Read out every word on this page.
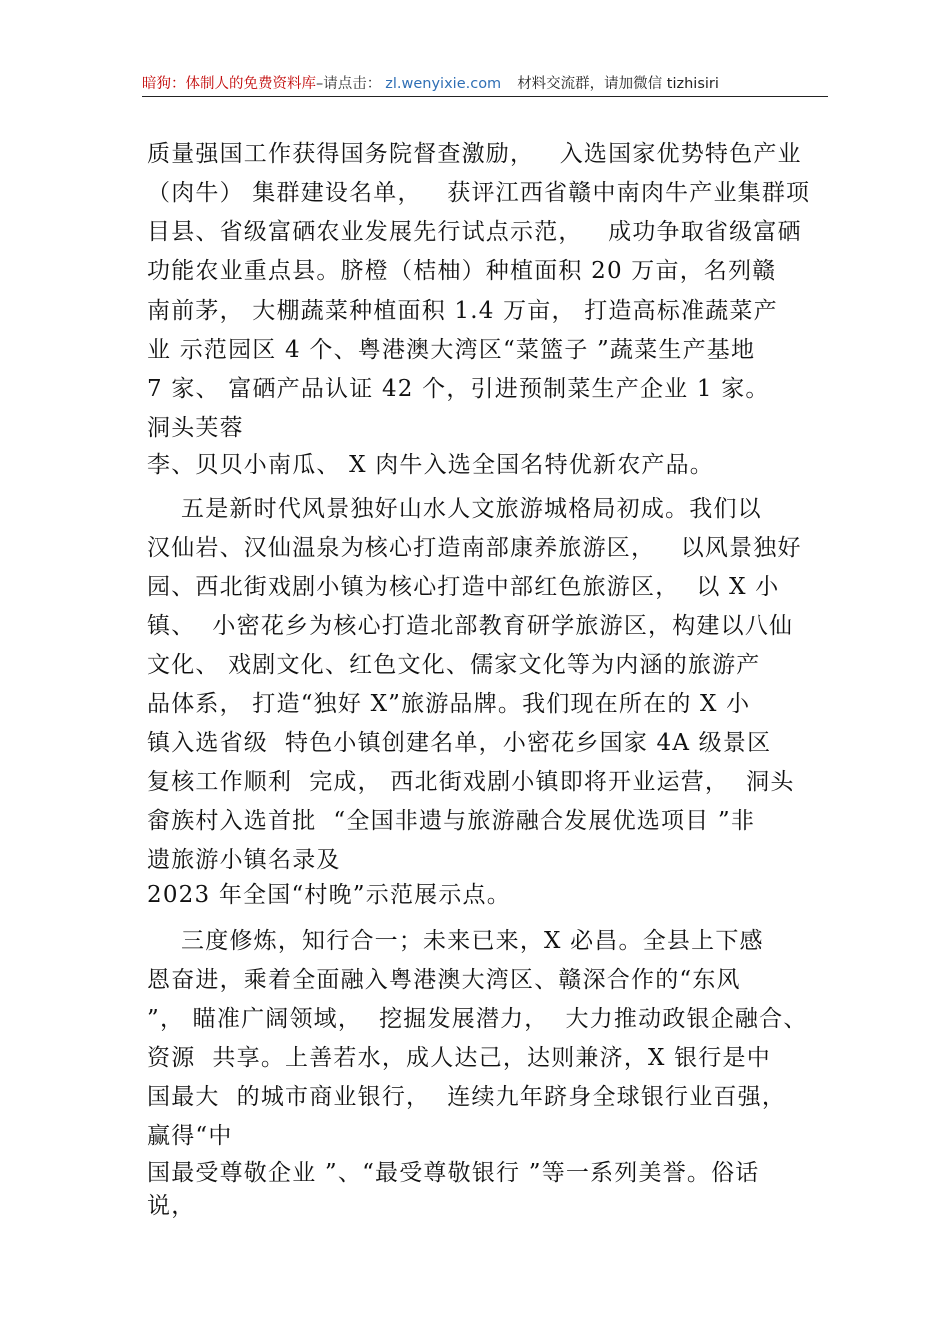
暗狗：体制人的免费资料库–请点击： zl.wenyixie.com 材料交流群，请加微信 tizhisiri
质量强国工作获得国务院督查激励，   入选国家优势特色产业
（肉牛） 集群建设名单，   获评江西省赣中南肉牛产业集群项
目县、省级富硒农业发展先行试点示范，   成功争取省级富硒
功能农业重点县。脐橙（桔柚）种植面积 20 万亩，名列赣
南前茅， 大棚蔬菜种植面积 1.4 万亩， 打造高标准蔬菜产
业 示范园区 4 个、粤港澳大湾区“菜篮子 ”蔬菜生产基地
7 家、 富硒产品认证 42 个，引进预制菜生产企业 1 家。
洞头芙蓉
李、贝贝小南瓜、 X 肉牛入选全国名特优新农产品。
五是新时代风景独好山水人文旅游城格局初成。我们以
汉仙岩、汉仙温泉为核心打造南部康养旅游区，   以风景独好
园、西北街戏剧小镇为核心打造中部红色旅游区，  以 X 小
镇、  小密花乡为核心打造北部教育研学旅游区，构建以八仙
文化、 戏剧文化、红色文化、儒家文化等为内涵的旅游产
品体系， 打造“独好 X”旅游品牌。我们现在所在的 X 小
镇入选省级  特色小镇创建名单，小密花乡国家 4A 级景区
复核工作顺利  完成， 西北街戏剧小镇即将开业运营，  洞头
畲族村入选首批  “全国非遗与旅游融合发展优选项目 ”非
遗旅游小镇名录及
2023 年全国“村晚”示范展示点。
三度修炼，知行合一；未来已来，X 必昌。全县上下感
恩奋进，乘着全面融入粤港澳大湾区、赣深合作的“东风
”， 瞄准广阔领域，  挖掘发展潜力，  大力推动政银企融合、
资源  共享。上善若水，成人达己，达则兼济，X 银行是中
国最大  的城市商业银行，  连续九年跻身全球银行业百强，
赢得“中
国最受尊敬企业 ”、“最受尊敬银行 ”等一系列美誉。俗话
说，
